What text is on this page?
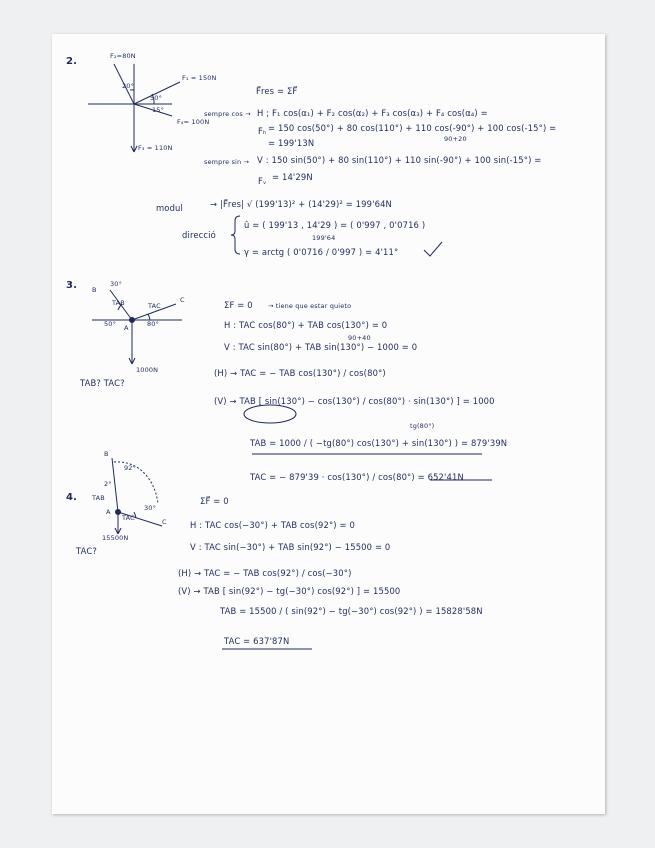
2.	F₂=80N
F₁ = 150N
20°
50°
15°
F₄= 100N
F₃ = 110N
F⃗res = ΣF⃗
sempre cos → H ; F₁ cos(α₁) + F₂ cos(α₂) + F₃ cos(α₃) + F₄ cos(α₄) =
Fₕ = 150 cos(50°) + 80 cos(110°) + 110 cos(-90°) + 100 cos(-15°) =
90+20
= 199'13N
sempre sin → V : 150 sin(50°) + 80 sin(110°) + 110 sin(-90°) + 100 sin(-15°) =
Fᵥ = 14'29N
modul	→ |F⃗res| √ (199'13)² + (14'29)² = 199'64N
direcció
û = ( 199'13 , 14'29 ) = ( 0'997 , 0'0716 )
199'64
γ = arctg ( 0'0716 / 0'997 ) = 4'11°
3. B
30°
TAB	TAC
C
50°	80°
A
1000N
TAB? TAC?
ΣF = 0 → tiene que estar quieto
H : TAC cos(80°) + TAB cos(130°) = 0
90+40
V : TAC sin(80°) + TAB sin(130°) − 1000 = 0
(H) → TAC = − TAB cos(130°) / cos(80°)
(V) → TAB [ sin(130°) − cos(130°) / cos(80°) · sin(130°) ] = 1000
tg(80°)
TAB = 1000 / ( −tg(80°) cos(130°) + sin(130°) ) = 879'39N
TAC = − 879'39 · cos(130°) / cos(80°) = 652'41N
4.
B
92°
2°
A
TAB
TAC
30°
C
15500N
TAC?
ΣF⃗ = 0
H : TAC cos(−30°) + TAB cos(92°) = 0
V : TAC sin(−30°) + TAB sin(92°) − 15500 = 0
(H) → TAC = − TAB cos(92°) / cos(−30°)
(V) → TAB [ sin(92°) − tg(−30°) cos(92°) ] = 15500
TAB = 15500 / ( sin(92°) − tg(−30°) cos(92°) ) = 15828'58N
TAC = 637'87N
